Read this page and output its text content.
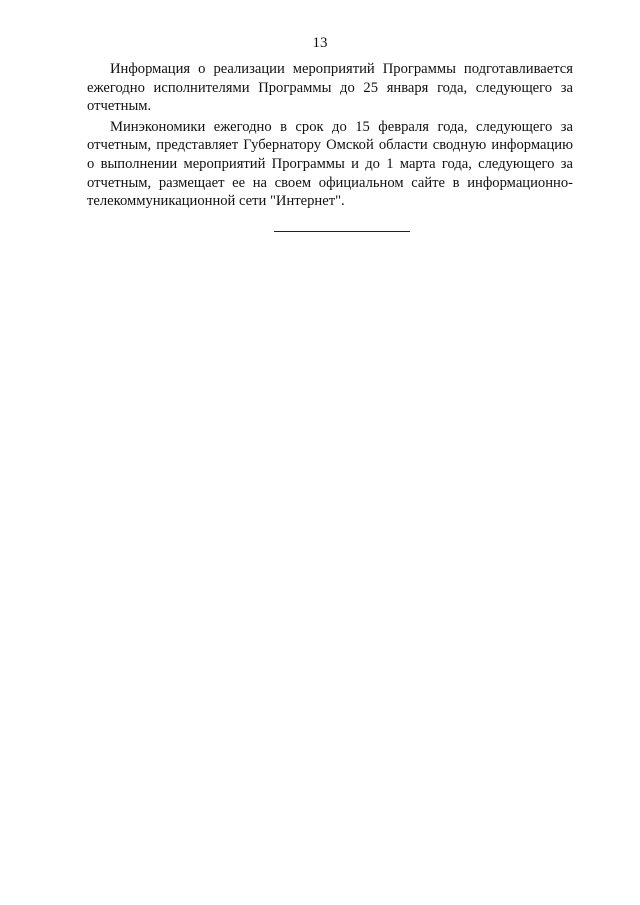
13

Информация о реализации мероприятий Программы подготавливается ежегодно исполнителями Программы до 25 января года, следующего за отчетным.

Минэкономики ежегодно в срок до 15 февраля года, следующего за отчетным, представляет Губернатору Омской области сводную информацию о выполнении мероприятий Программы и до 1 марта года, следующего за отчетным, размещает ее на своем официальном сайте в информационно-телекоммуникационной сети "Интернет".
